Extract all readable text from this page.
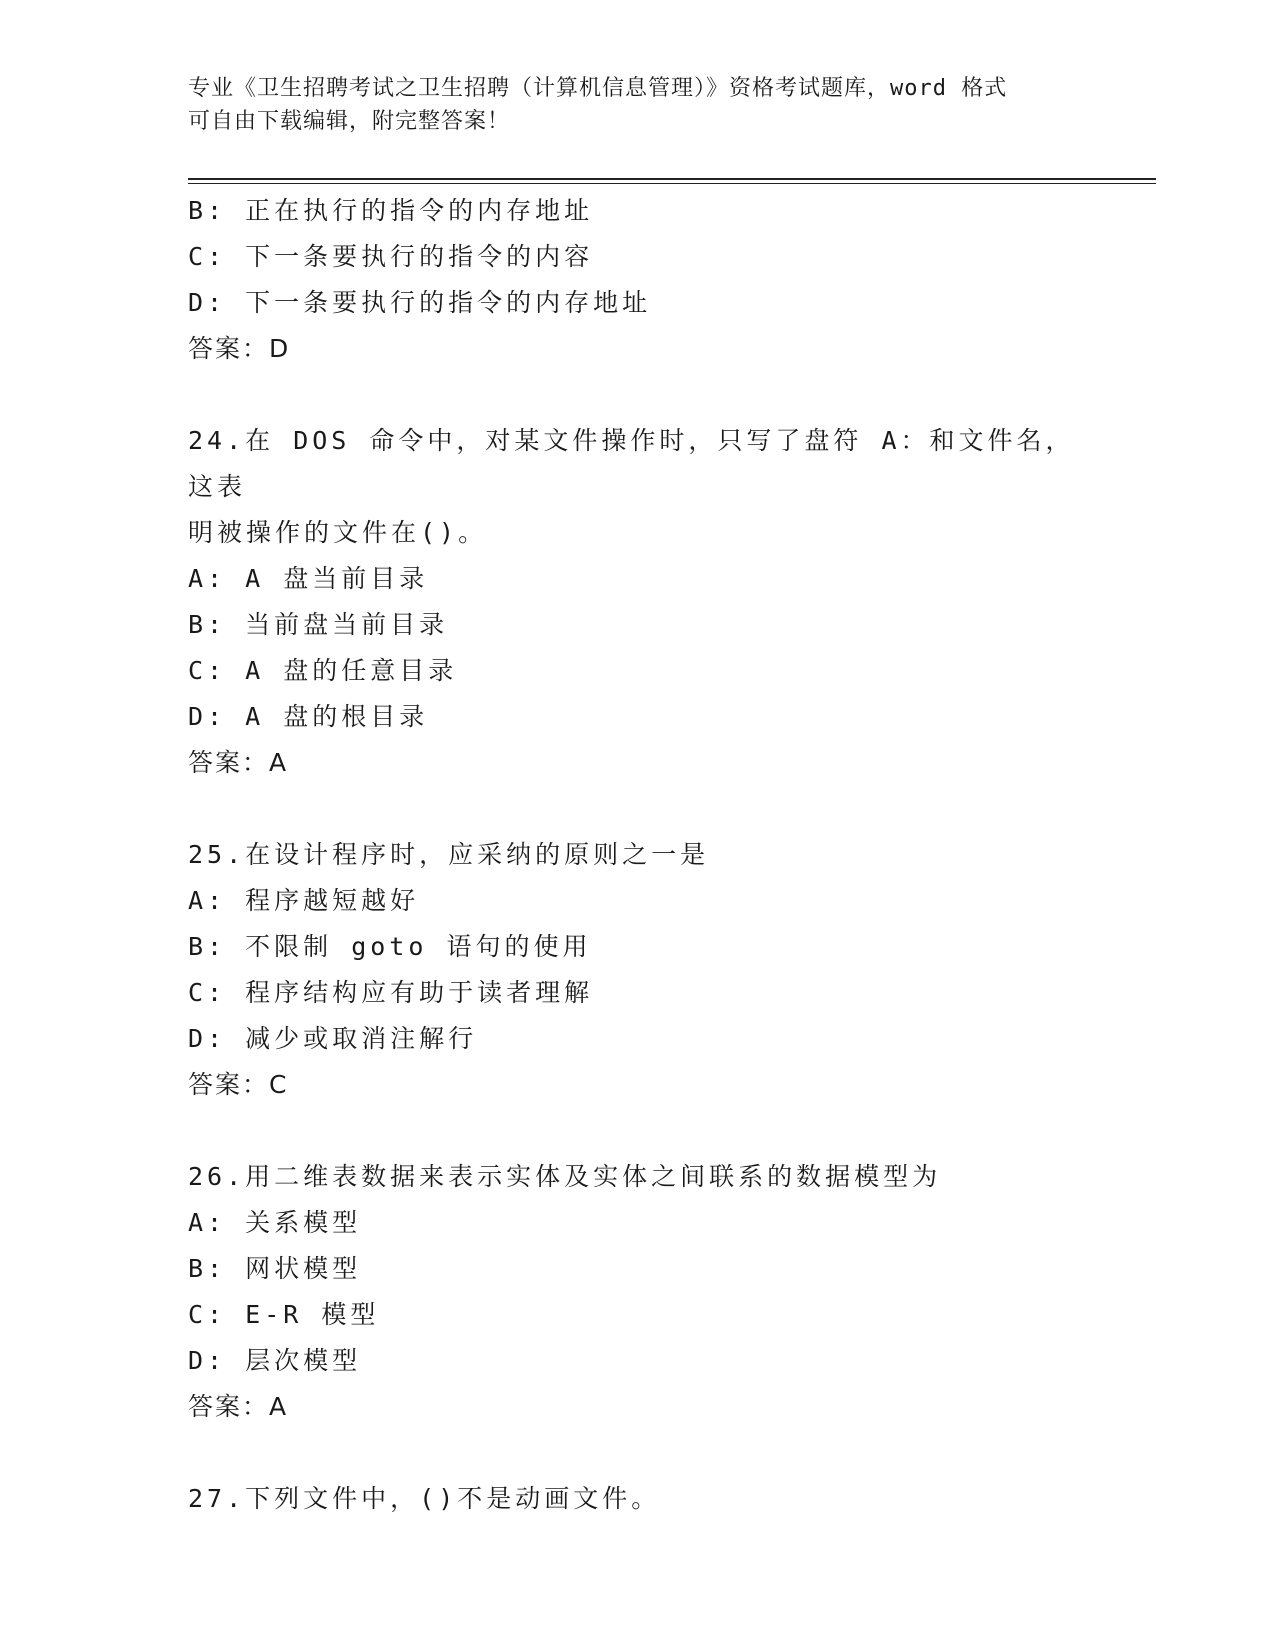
专业《卫生招聘考试之卫生招聘（计算机信息管理）》资格考试题库，word 格式
可自由下载编辑，附完整答案！
B: 正在执行的指令的内存地址
C: 下一条要执行的指令的内容
D: 下一条要执行的指令的内存地址
答案：D
24.在 DOS 命令中，对某文件操作时，只写了盘符 A：和文件名，这表
明被操作的文件在()。
A: A 盘当前目录
B: 当前盘当前目录
C: A 盘的任意目录
D: A 盘的根目录
答案：A
25.在设计程序时，应采纳的原则之一是
A: 程序越短越好
B: 不限制 goto 语句的使用
C: 程序结构应有助于读者理解
D: 减少或取消注解行
答案：C
26.用二维表数据来表示实体及实体之间联系的数据模型为
A: 关系模型
B: 网状模型
C: E-R 模型
D: 层次模型
答案：A
27.下列文件中，()不是动画文件。
